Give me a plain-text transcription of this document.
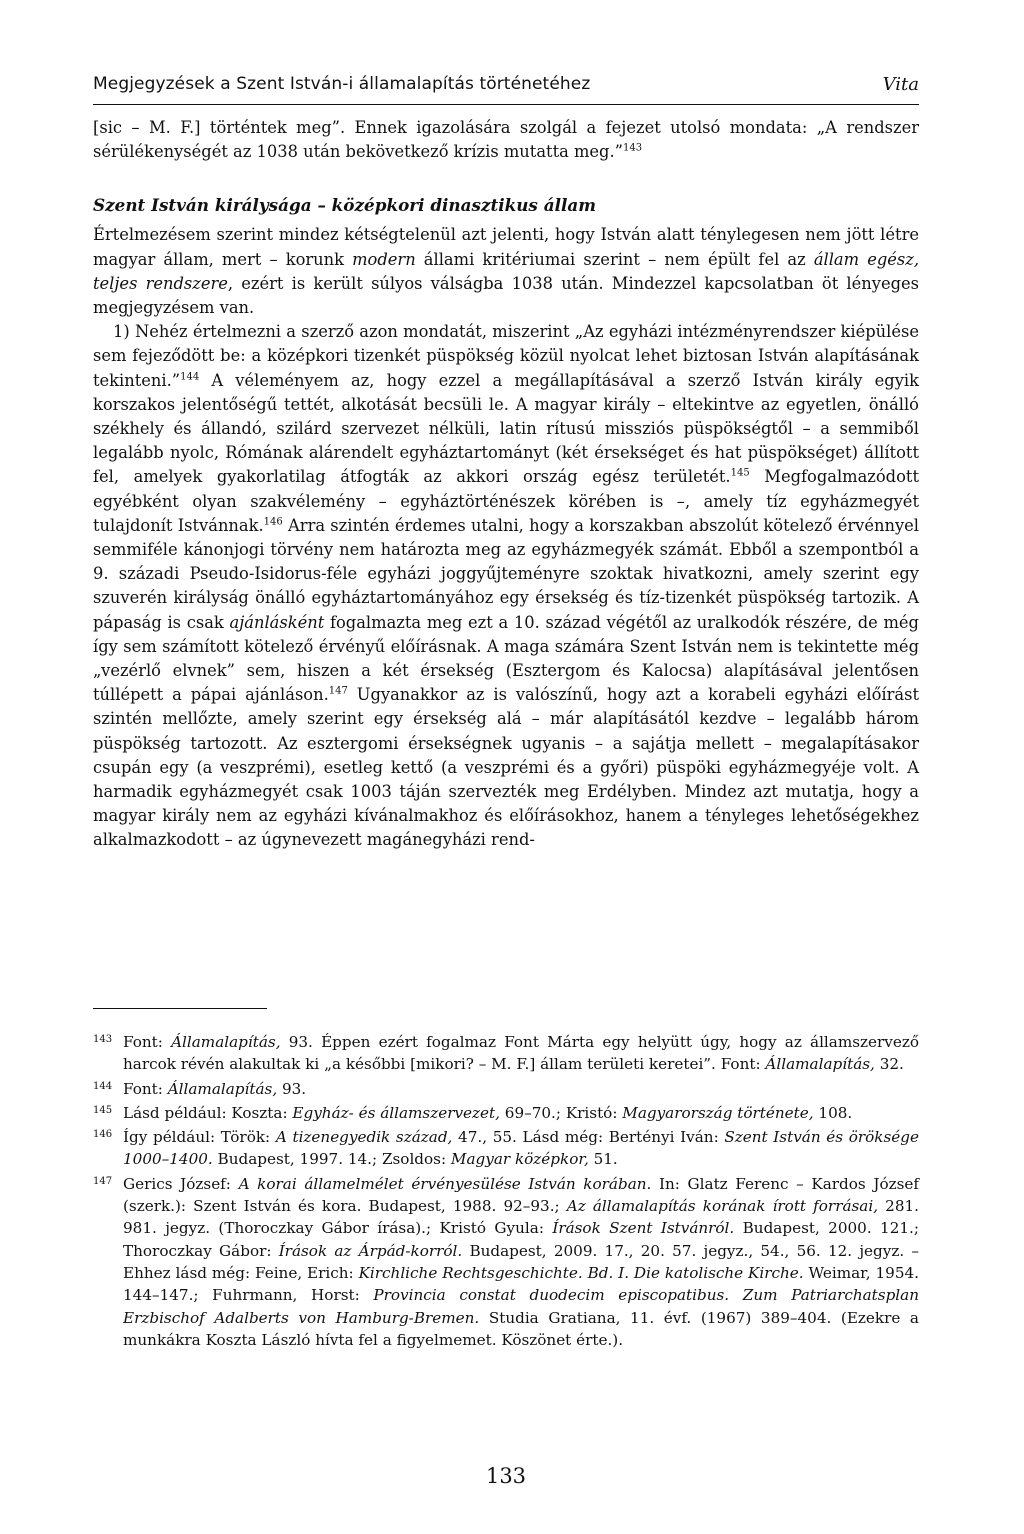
Megjegyzések a Szent István-i államalapítás történetéhez	Vita

[sic – M. F.] történtek meg”. Ennek igazolására szolgál a fejezet utolsó mondata: „A rendszer sérülékenységét az 1038 után bekövetkező krízis mutatta meg.”$^{143}$

Szent István királysága – középkori dinasztikus állam

Értelmezésem szerint mindez kétségtelenül azt jelenti, hogy István alatt ténylegesen nem jött létre magyar állam, mert – korunk modern állami kritériumai szerint – nem épült fel az állam egész, teljes rendszere, ezért is került súlyos válságba 1038 után. Mindezzel kapcsolatban öt lényeges megjegyzésem van.

1) Nehéz értelmezni a szerző azon mondatát, miszerint „Az egyházi intézményrendszer kiépülése sem fejeződött be: a középkori tizenkét püspökség közül nyolcat lehet biztosan István alapításának tekinteni.”$^{144}$ A véleményem az, hogy ezzel a megállapításával a szerző István király egyik korszakos jelentőségű tettét, alkotását becsüli le. A magyar király – eltekintve az egyetlen, önálló székhely és állandó, szilárd szervezet nélküli, latin rítusú missziós püspökségtől – a semmiből legalább nyolc, Rómának alárendelt egyháztartományt (két érsekséget és hat püspökséget) állított fel, amelyek gyakorlatilag átfogták az akkori ország egész területét.$^{145}$ Megfogalmazódott egyébként olyan szakvélemény – egyháztörténészek körében is –, amely tíz egyházmegyét tulajdonít Istvánnak.$^{146}$ Arra szintén érdemes utalni, hogy a korszakban abszolút kötelező érvénnyel semmiféle kánonjogi törvény nem határozta meg az egyházmegyék számát. Ebből a szempontból a 9. századi Pseudo-Isidorus-féle egyházi joggyűjteményre szoktak hivatkozni, amely szerint egy szuverén királyság önálló egyháztartományához egy érsekség és tíz-tizenkét püspökség tartozik. A pápaság is csak ajánlásként fogalmazta meg ezt a 10. század végétől az uralkodók részére, de még így sem számított kötelező érvényű előírásnak. A maga számára Szent István nem is tekintette még „vezérlő elvnek” sem, hiszen a két érsekség (Esztergom és Kalocsa) alapításával jelentősen túllépett a pápai ajánláson.$^{147}$ Ugyanakkor az is valószínű, hogy azt a korabeli egyházi előírást szintén mellőzte, amely szerint egy érsekség alá – már alapításától kezdve – legalább három püspökség tartozott. Az esztergomi érsekségnek ugyanis – a sajátja mellett – megalapításakor csupán egy (a veszprémi), esetleg kettő (a veszprémi és a győri) püspöki egyházmegyéje volt. A harmadik egyházmegyét csak 1003 táján szervezték meg Erdélyben. Mindez azt mutatja, hogy a magyar király nem az egyházi kívánalmakhoz és előírásokhoz, hanem a tényleges lehetőségekhez alkalmazkodott – az úgynevezett magánegyházi rend-

143 Font: Államalapítás, 93. Éppen ezért fogalmaz Font Márta egy helyütt úgy, hogy az államszervező harcok révén alakultak ki „a későbbi [mikori? – M. F.] állam területi keretei”. Font: Államalapítás, 32.

144 Font: Államalapítás, 93.

145 Lásd például: Koszta: Egyház- és államszervezet, 69–70.; Kristó: Magyarország története, 108.

146 Így például: Török: A tizenegyedik század, 47., 55. Lásd még: Bertényi Iván: Szent István és öröksége 1000–1400. Budapest, 1997. 14.; Zsoldos: Magyar középkor, 51.

147 Gerics József: A korai államelmélet érvényesülése István korában. In: Glatz Ferenc – Kardos József (szerk.): Szent István és kora. Budapest, 1988. 92–93.; Az államalapítás korának írott forrásai, 281. 981. jegyz. (Thoroczkay Gábor írása).; Kristó Gyula: Írások Szent Istvánról. Budapest, 2000. 121.; Thoroczkay Gábor: Írások az Árpád-korról. Budapest, 2009. 17., 20. 57. jegyz., 54., 56. 12. jegyz. – Ehhez lásd még: Feine, Erich: Kirchliche Rechtsgeschichte. Bd. I. Die katolische Kirche. Weimar, 1954. 144–147.; Fuhrmann, Horst: Provincia constat duodecim episcopatibus. Zum Patriarchatsplan Erzbischof Adalberts von Hamburg-Bremen. Studia Gratiana, 11. évf. (1967) 389–404. (Ezekre a munkákra Koszta László hívta fel a figyelmemet. Köszönet érte.).

133
